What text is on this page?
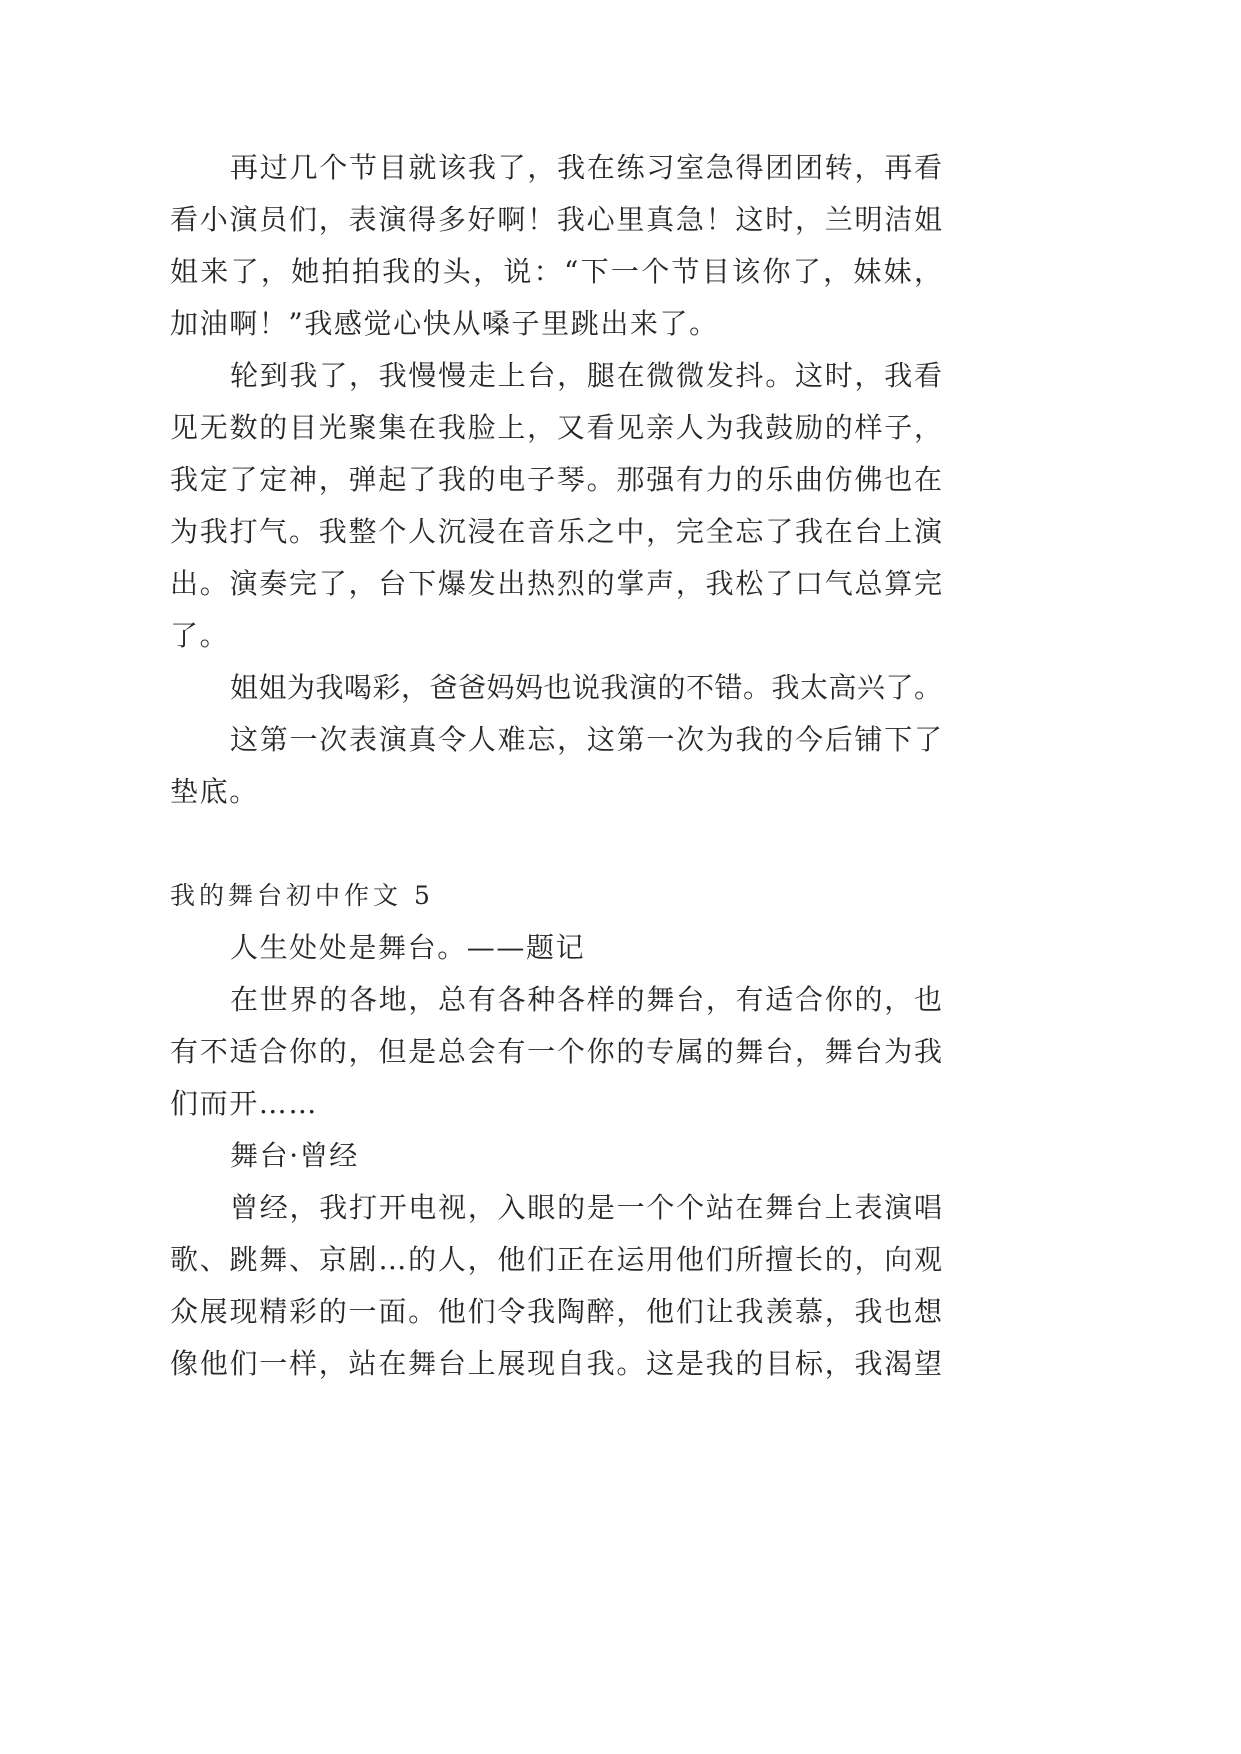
再过几个节目就该我了，我在练习室急得团团转，再看
看小演员们，表演得多好啊！我心里真急！这时，兰明洁姐
姐来了，她拍拍我的头，说：“下一个节目该你了，妹妹，
加油啊！”我感觉心快从嗓子里跳出来了。
轮到我了，我慢慢走上台，腿在微微发抖。这时，我看
见无数的目光聚集在我脸上，又看见亲人为我鼓励的样子，
我定了定神，弹起了我的电子琴。那强有力的乐曲仿佛也在
为我打气。我整个人沉浸在音乐之中，完全忘了我在台上演
出。演奏完了，台下爆发出热烈的掌声，我松了口气总算完
了。
姐姐为我喝彩，爸爸妈妈也说我演的不错。我太高兴了。
这第一次表演真令人难忘，这第一次为我的今后铺下了
垫底。
我的舞台初中作文 5
人生处处是舞台。——题记
在世界的各地，总有各种各样的舞台，有适合你的，也
有不适合你的，但是总会有一个你的专属的舞台，舞台为我
们而开……
舞台·曾经
曾经，我打开电视，入眼的是一个个站在舞台上表演唱
歌、跳舞、京剧…的人，他们正在运用他们所擅长的，向观
众展现精彩的一面。他们令我陶醉，他们让我羡慕，我也想
像他们一样，站在舞台上展现自我。这是我的目标，我渴望
